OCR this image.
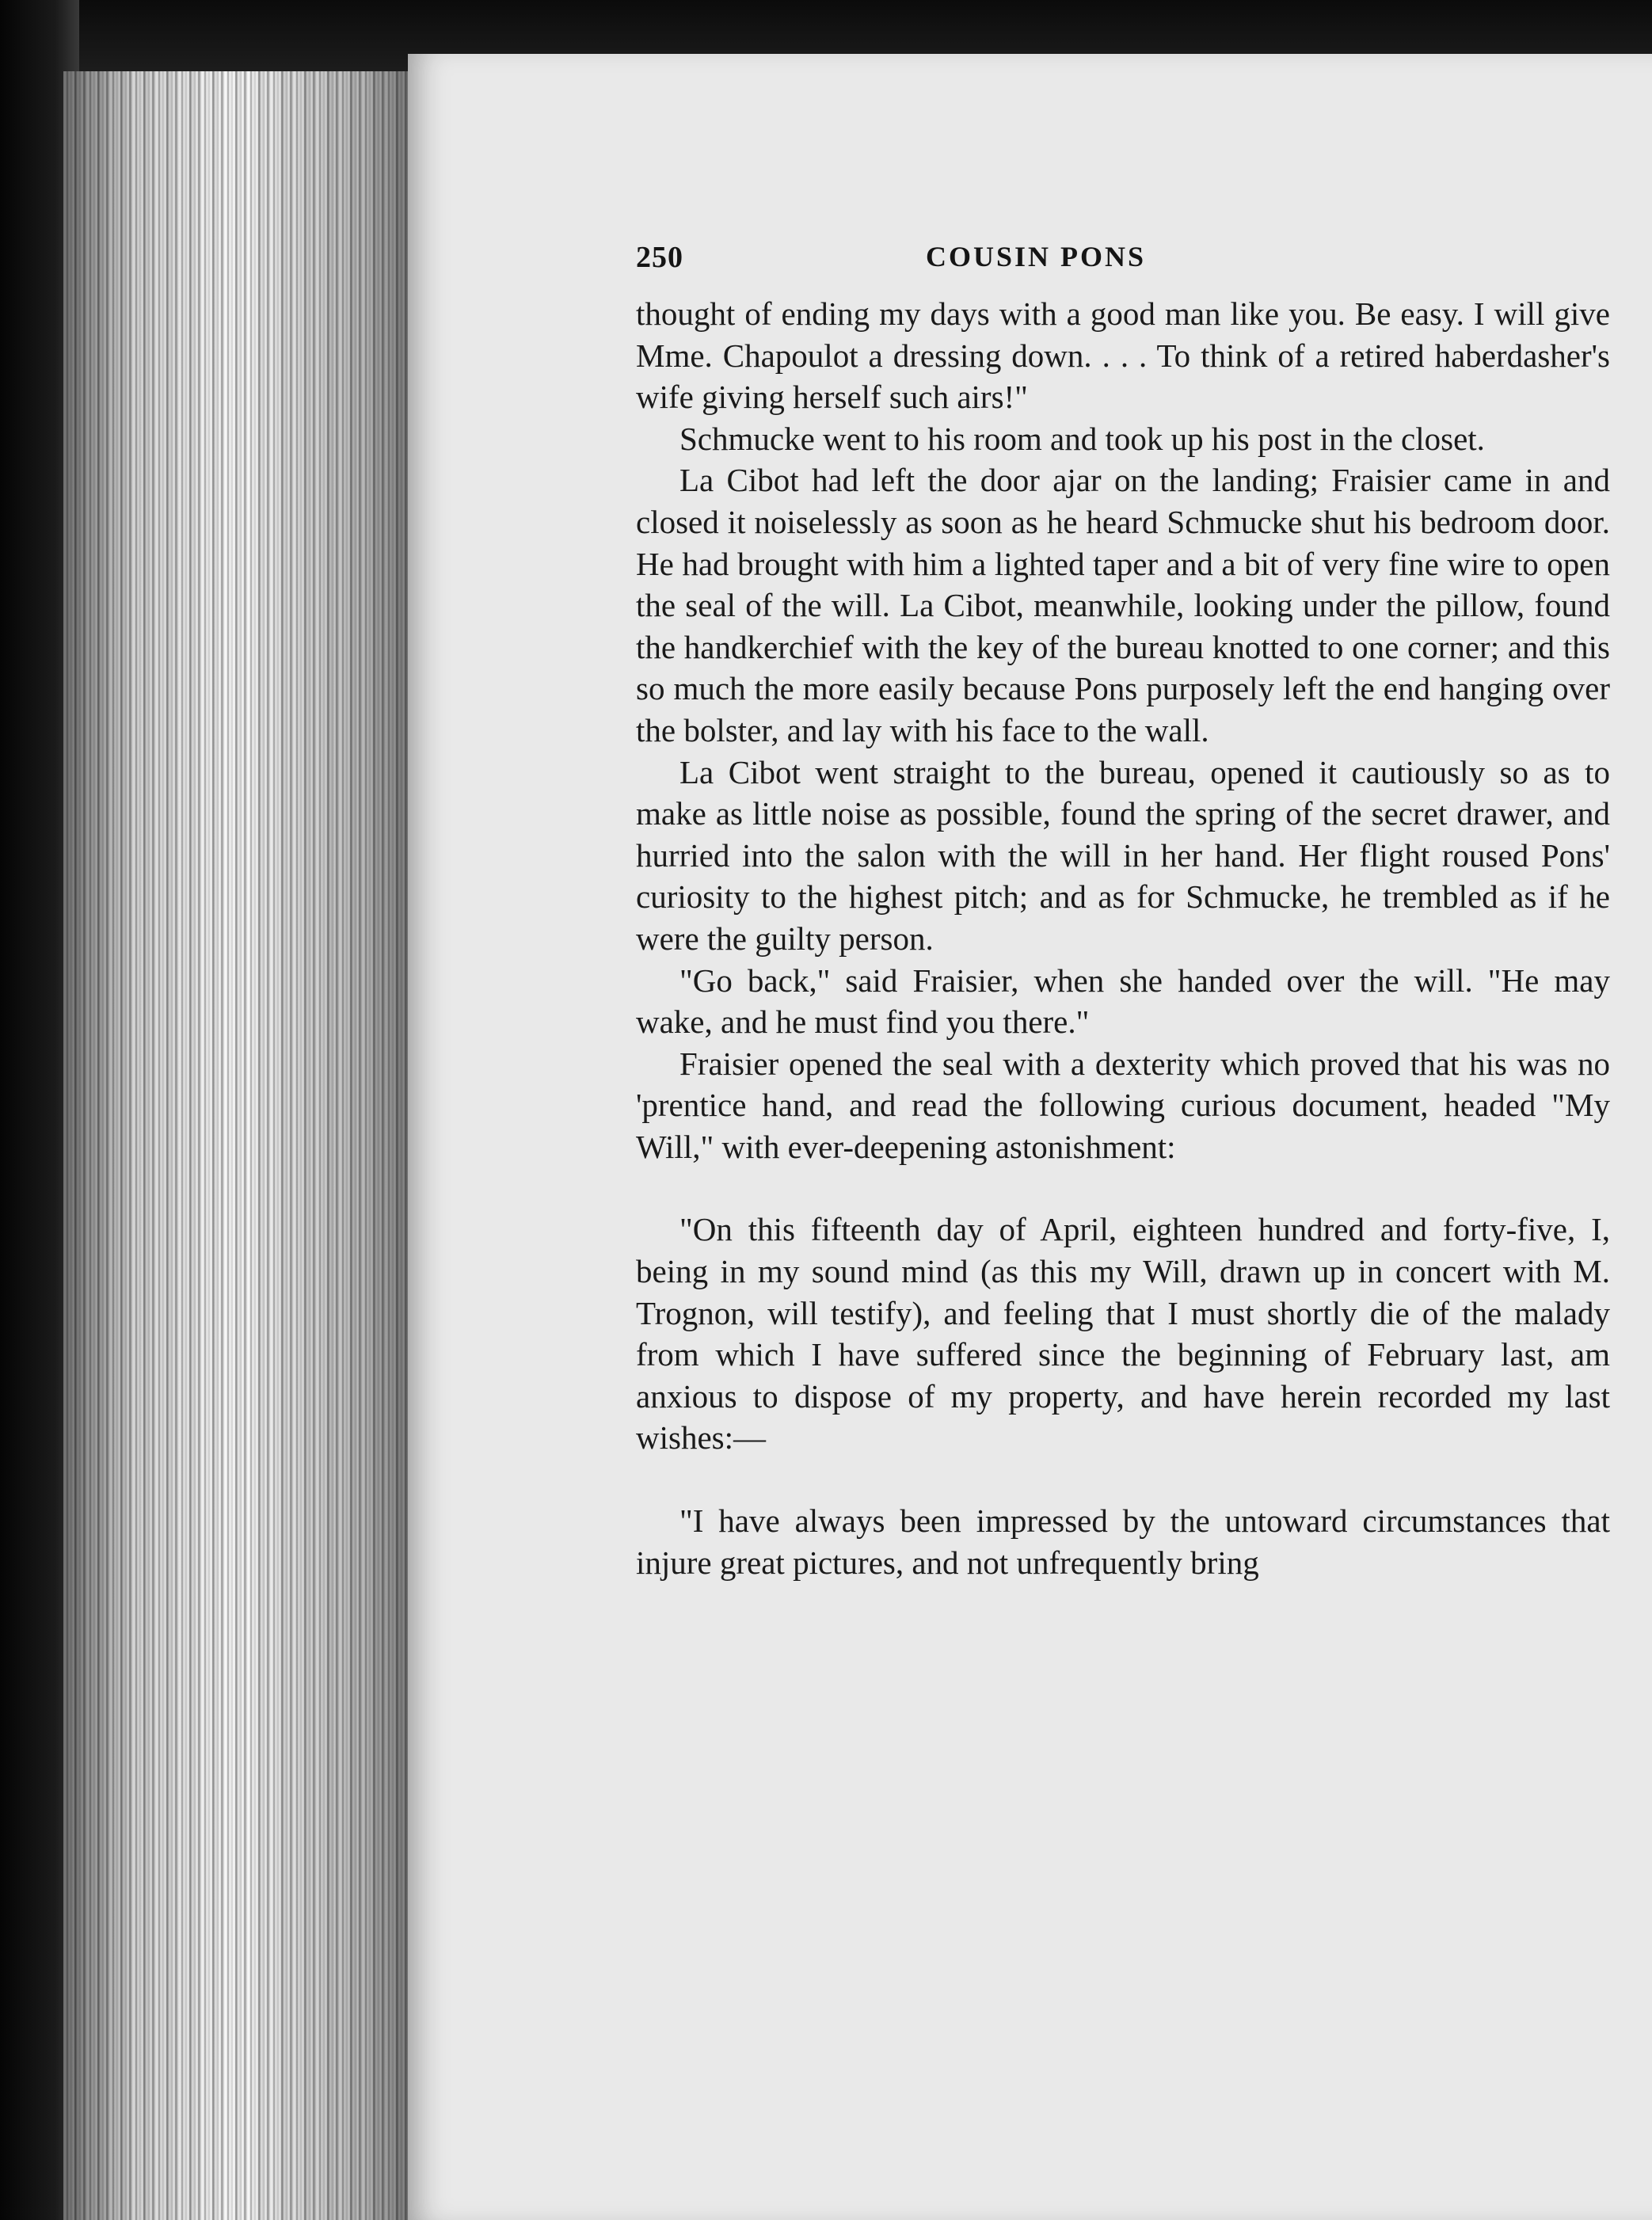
250	COUSIN PONS

thought of ending my days with a good man like you. Be easy. I will give Mme. Chapoulot a dressing down. . . . To think of a retired haberdasher's wife giving herself such airs!"

Schmucke went to his room and took up his post in the closet.

La Cibot had left the door ajar on the landing; Fraisier came in and closed it noiselessly as soon as he heard Schmucke shut his bedroom door. He had brought with him a lighted taper and a bit of very fine wire to open the seal of the will. La Cibot, meanwhile, looking under the pillow, found the handkerchief with the key of the bureau knotted to one corner; and this so much the more easily because Pons purposely left the end hanging over the bolster, and lay with his face to the wall.

La Cibot went straight to the bureau, opened it cautiously so as to make as little noise as possible, found the spring of the secret drawer, and hurried into the salon with the will in her hand. Her flight roused Pons' curiosity to the highest pitch; and as for Schmucke, he trembled as if he were the guilty person.

"Go back," said Fraisier, when she handed over the will. "He may wake, and he must find you there."

Fraisier opened the seal with a dexterity which proved that his was no 'prentice hand, and read the following curious document, headed "My Will," with ever-deepening astonishment:

"On this fifteenth day of April, eighteen hundred and forty-five, I, being in my sound mind (as this my Will, drawn up in concert with M. Trognon, will testify), and feeling that I must shortly die of the malady from which I have suffered since the beginning of February last, am anxious to dispose of my property, and have herein recorded my last wishes:—

"I have always been impressed by the untoward circumstances that injure great pictures, and not unfrequently bring
